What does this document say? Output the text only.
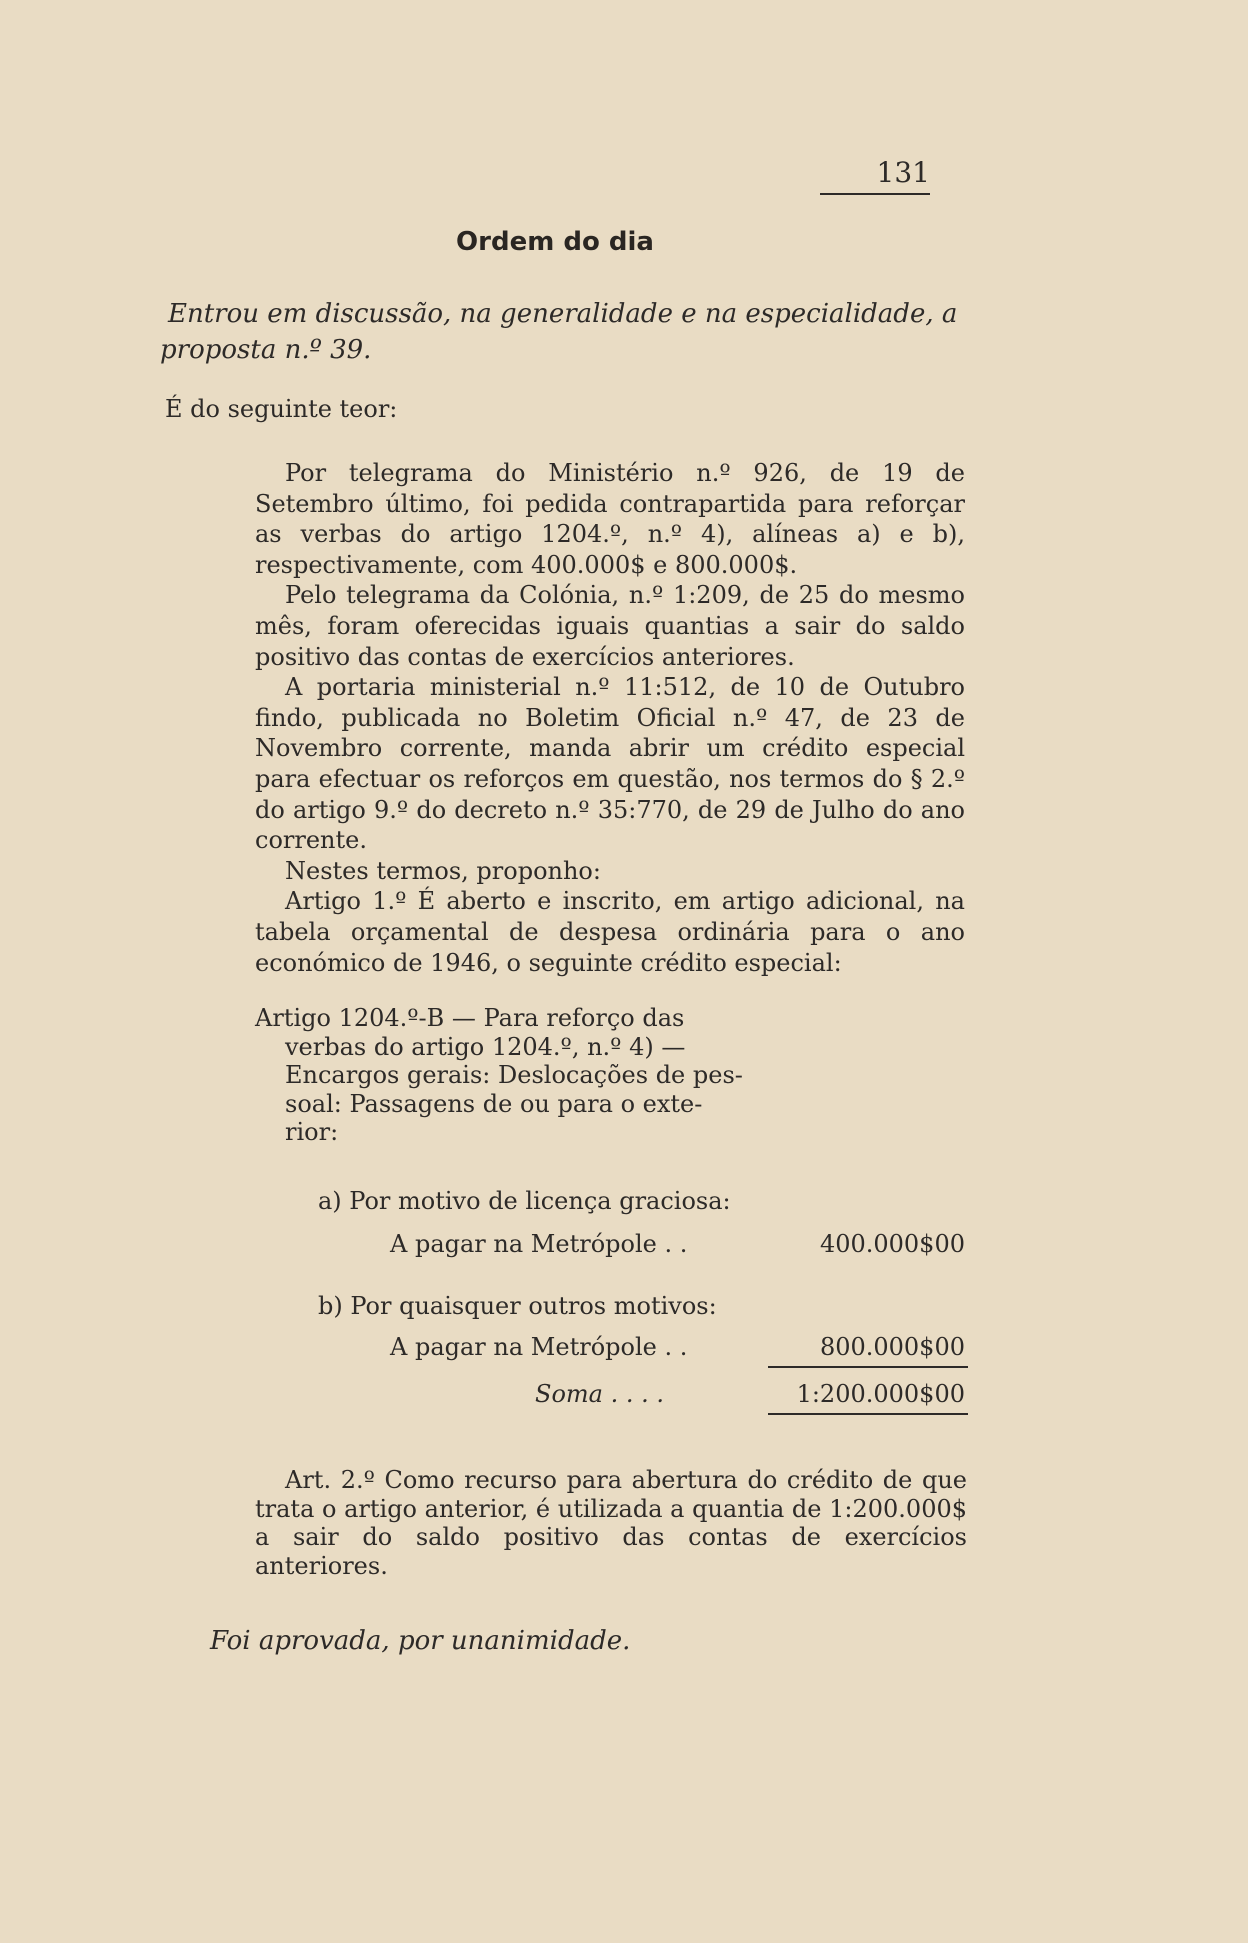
131
Ordem do dia
Entrou em discussão, na generalidade e na especialidade, a proposta n.º 39.
É do seguinte teor:

Por telegrama do Ministério n.º 926, de 19 de Setembro último, foi pedida contrapartida para reforçar as verbas do artigo 1204.º, n.º 4), alíneas a) e b), respectivamente, com 400.000$ e 800.000$.

Pelo telegrama da Colónia, n.º 1:209, de 25 do mesmo mês, foram oferecidas iguais quantias a sair do saldo positivo das contas de exercícios anteriores.

A portaria ministerial n.º 11:512, de 10 de Outubro findo, publicada no Boletim Oficial n.º 47, de 23 de Novembro corrente, manda abrir um crédito especial para efectuar os reforços em questão, nos termos do § 2.º do artigo 9.º do decreto n.º 35:770, de 29 de Julho do ano corrente.

Nestes termos, proponho:

Artigo 1.º É aberto e inscrito, em artigo adicional, na tabela orçamental de despesa ordinária para o ano económico de 1946, o seguinte crédito especial:

Artigo 1204.º-B — Para reforço das
verbas do artigo 1204.º, n.º 4) —
Encargos gerais: Deslocações de pes-
soal: Passagens de ou para o exte-
rior:
a) Por motivo de licença graciosa:
A pagar na Metrópole . .	400.000$00
b) Por quaisquer outros motivos:
A pagar na Metrópole . .	800.000$00
Soma . . . .	1:200.000$00

Art. 2.º Como recurso para abertura do crédito de que trata o artigo anterior, é utilizada a quantia de 1:200.000$ a sair do saldo positivo das contas de exercícios anteriores.

Foi aprovada, por unanimidade.
